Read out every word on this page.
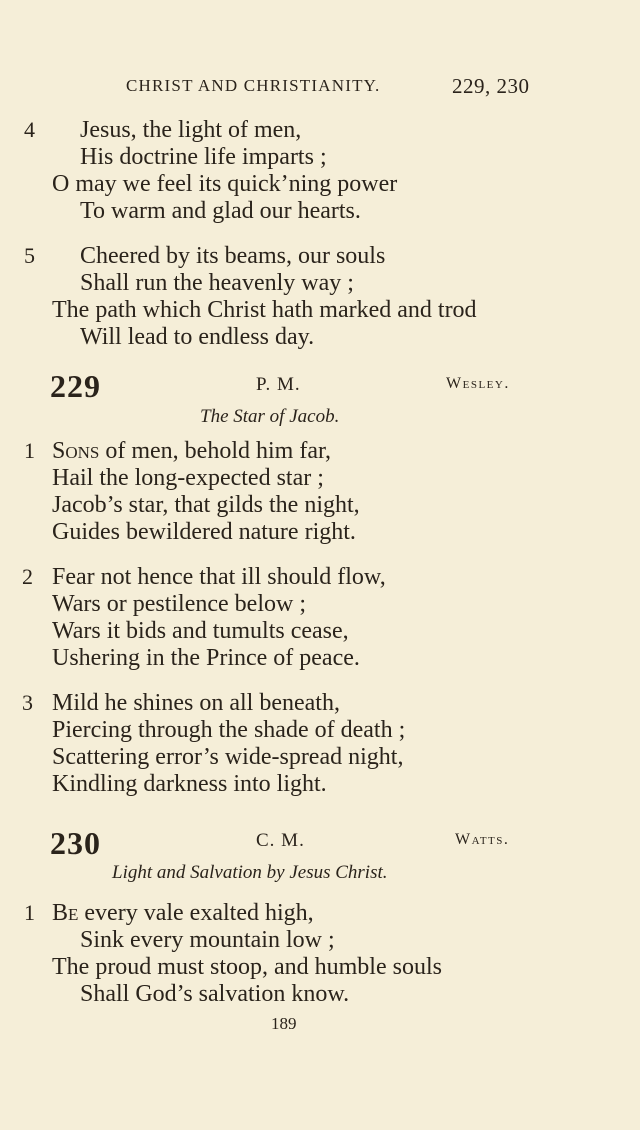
CHRIST AND CHRISTIANITY.	229, 230
4 Jesus, the light of men,
His doctrine life imparts ;
O may we feel its quick’ning power
To warm and glad our hearts.
5 Cheered by its beams, our souls
Shall run the heavenly way ;
The path which Christ hath marked and trod
Will lead to endless day.
229	P. M.	Wesley.
The Star of Jacob.
1 Sons of men, behold him far,
Hail the long-expected star ;
Jacob’s star, that gilds the night,
Guides bewildered nature right.
2 Fear not hence that ill should flow,
Wars or pestilence below ;
Wars it bids and tumults cease,
Ushering in the Prince of peace.
3 Mild he shines on all beneath,
Piercing through the shade of death ;
Scattering error’s wide-spread night,
Kindling darkness into light.
230	C. M.	Watts.
Light and Salvation by Jesus Christ.
1 Be every vale exalted high,
Sink every mountain low ;
The proud must stoop, and humble souls
Shall God’s salvation know.
189
